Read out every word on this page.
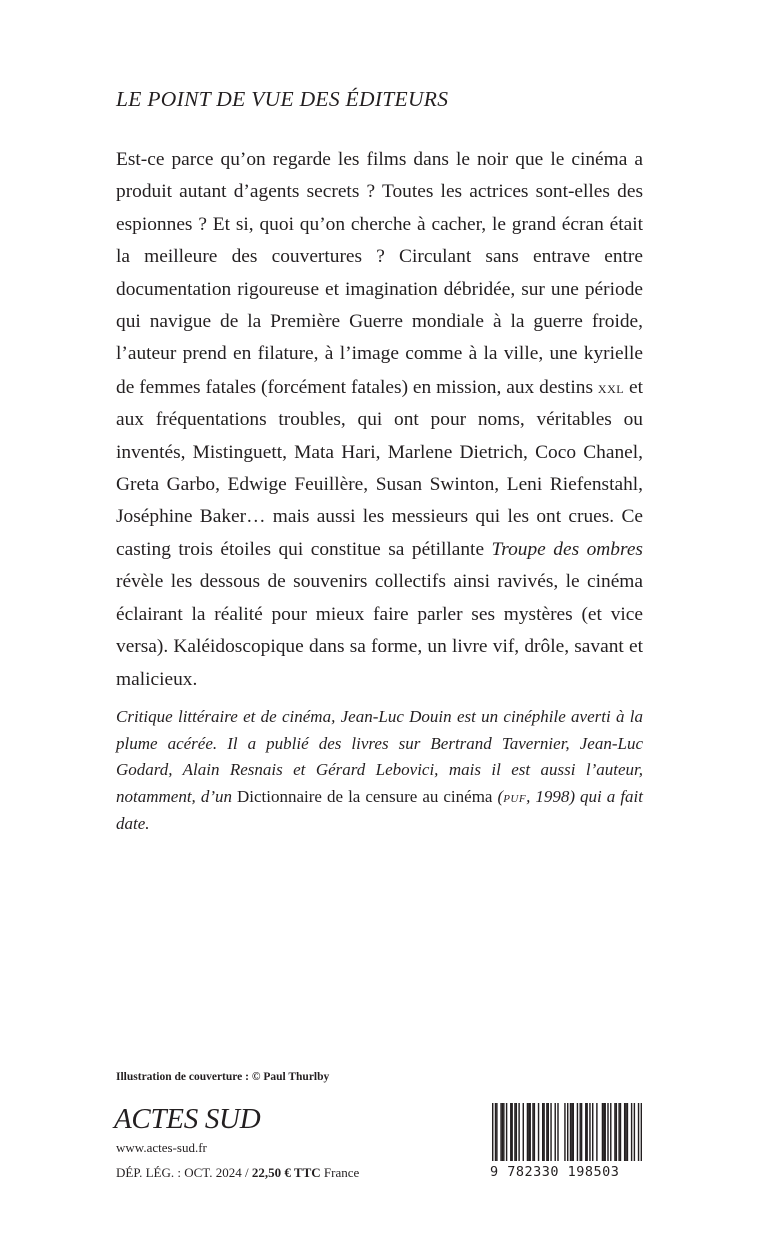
LE POINT DE VUE DES ÉDITEURS

Est-ce parce qu’on regarde les films dans le noir que le cinéma a produit autant d’agents secrets ? Toutes les actrices sont-elles des espionnes ? Et si, quoi qu’on cherche à cacher, le grand écran était la meilleure des couvertures ? Circulant sans entrave entre documentation rigoureuse et imagination débridée, sur une période qui navigue de la Première Guerre mondiale à la guerre froide, l’auteur prend en filature, à l’image comme à la ville, une kyrielle de femmes fatales (forcément fatales) en mission, aux destins xxl et aux fréquentations troubles, qui ont pour noms, véritables ou inventés, Mistinguett, Mata Hari, Marlene Dietrich, Coco Chanel, Greta Garbo, Edwige Feuillère, Susan Swinton, Leni Riefenstahl, Joséphine Baker… mais aussi les messieurs qui les ont crues. Ce casting trois étoiles qui constitue sa pétillante Troupe des ombres révèle les dessous de souvenirs collectifs ainsi ravivés, le cinéma éclairant la réalité pour mieux faire parler ses mystères (et vice versa). Kaléidoscopique dans sa forme, un livre vif, drôle, savant et malicieux.

Critique littéraire et de cinéma, Jean-Luc Douin est un cinéphile averti à la plume acérée. Il a publié des livres sur Bertrand Tavernier, Jean-Luc Godard, Alain Resnais et Gérard Lebovici, mais il est aussi l’auteur, notamment, d’un Dictionnaire de la censure au cinéma (puf, 1998) qui a fait date.

Illustration de couverture : © Paul Thurlby
ACTES SUD
www.actes-sud.fr
DÉP. LÉG. : OCT. 2024 / 22,50 € TTC France	9 782330 198503
